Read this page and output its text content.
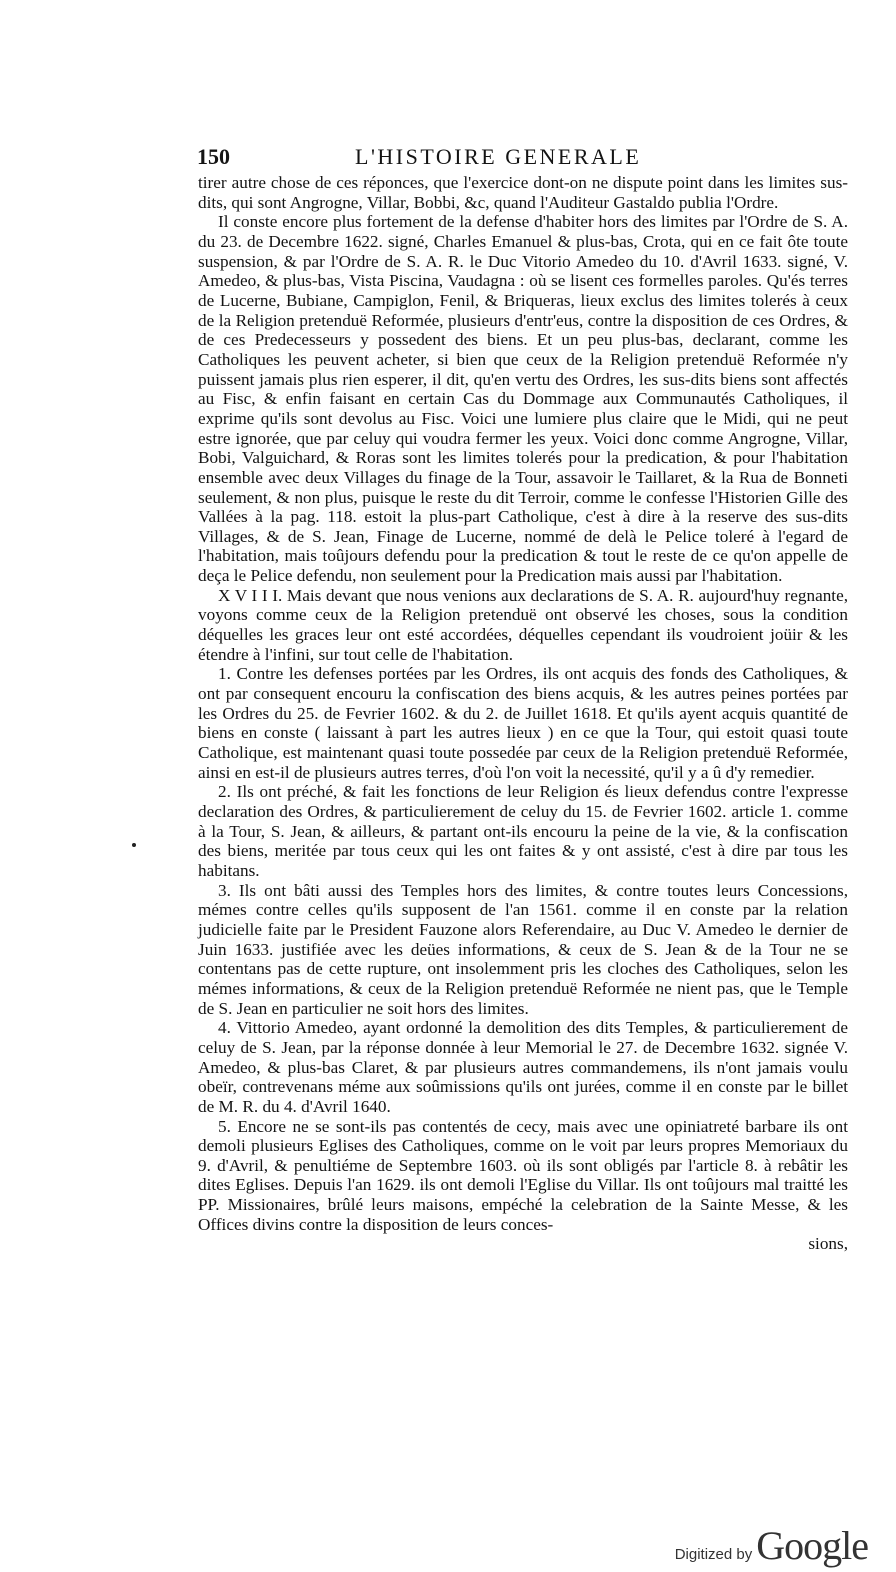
150	L'HISTOIRE GENERALE

tirer autre chose de ces réponces, que l'exercice dont-on ne dispute point dans les limites sus-dits, qui sont Angrogne, Villar, Bobbi, &c, quand l'Auditeur Gastaldo publia l'Ordre.

Il conste encore plus fortement de la defense d'habiter hors des limites par l'Ordre de S. A. du 23. de Decembre 1622. signé, Charles Emanuel & plus-bas, Crota, qui en ce fait ôte toute suspension, & par l'Ordre de S. A. R. le Duc Vitorio Amedeo du 10. d'Avril 1633. signé, V. Amedeo, & plus-bas, Vista Piscina, Vaudagna : où se lisent ces formelles paroles. Qu'és terres de Lucerne, Bubiane, Campiglon, Fenil, & Briqueras, lieux exclus des limites tolerés à ceux de la Religion pretenduë Reformée, plusieurs d'entr'eus, contre la disposition de ces Ordres, & de ces Predecesseurs y possedent des biens. Et un peu plus-bas, declarant, comme les Catholiques les peuvent acheter, si bien que ceux de la Religion pretenduë Reformée n'y puissent jamais plus rien esperer, il dit, qu'en vertu des Ordres, les sus-dits biens sont affectés au Fisc, & enfin faisant en certain Cas du Dommage aux Communautés Catholiques, il exprime qu'ils sont devolus au Fisc. Voici une lumiere plus claire que le Midi, qui ne peut estre ignorée, que par celuy qui voudra fermer les yeux. Voici donc comme Angrogne, Villar, Bobi, Valguichard, & Roras sont les limites tolerés pour la predication, & pour l'habitation ensemble avec deux Villages du finage de la Tour, assavoir le Taillaret, & la Rua de Bonneti seulement, & non plus, puisque le reste du dit Terroir, comme le confesse l'Historien Gille des Vallées à la pag. 118. estoit la plus-part Catholique, c'est à dire à la reserve des sus-dits Villages, & de S. Jean, Finage de Lucerne, nommé de delà le Pelice toleré à l'egard de l'habitation, mais toûjours defendu pour la predication & tout le reste de ce qu'on appelle de deça le Pelice defendu, non seulement pour la Predication mais aussi par l'habitation.

X V I I I. Mais devant que nous venions aux declarations de S. A. R. aujourd'huy regnante, voyons comme ceux de la Religion pretenduë ont observé les choses, sous la condition déquelles les graces leur ont esté accordées, déquelles cependant ils voudroient joüir & les étendre à l'infini, sur tout celle de l'habitation.

1. Contre les defenses portées par les Ordres, ils ont acquis des fonds des Catholiques, & ont par consequent encouru la confiscation des biens acquis, & les autres peines portées par les Ordres du 25. de Fevrier 1602. & du 2. de Juillet 1618. Et qu'ils ayent acquis quantité de biens en conste ( laissant à part les autres lieux ) en ce que la Tour, qui estoit quasi toute Catholique, est maintenant quasi toute possedée par ceux de la Religion pretenduë Reformée, ainsi en est-il de plusieurs autres terres, d'où l'on voit la necessité, qu'il y a û d'y remedier.

2. Ils ont préché, & fait les fonctions de leur Religion és lieux defendus contre l'expresse declaration des Ordres, & particulierement de celuy du 15. de Fevrier 1602. article 1. comme à la Tour, S. Jean, & ailleurs, & partant ont-ils encouru la peine de la vie, & la confiscation des biens, meritée par tous ceux qui les ont faites & y ont assisté, c'est à dire par tous les habitans.

3. Ils ont bâti aussi des Temples hors des limites, & contre toutes leurs Concessions, mémes contre celles qu'ils supposent de l'an 1561. comme il en conste par la relation judicielle faite par le President Fauzone alors Referendaire, au Duc V. Amedeo le dernier de Juin 1633. justifiée avec les deües informations, & ceux de S. Jean & de la Tour ne se contentans pas de cette rupture, ont insolemment pris les cloches des Catholiques, selon les mémes informations, & ceux de la Religion pretenduë Reformée ne nient pas, que le Temple de S. Jean en particulier ne soit hors des limites.

4. Vittorio Amedeo, ayant ordonné la demolition des dits Temples, & particulierement de celuy de S. Jean, par la réponse donnée à leur Memorial le 27. de Decembre 1632. signée V. Amedeo, & plus-bas Claret, & par plusieurs autres commandemens, ils n'ont jamais voulu obeïr, contrevenans méme aux soûmissions qu'ils ont jurées, comme il en conste par le billet de M. R. du 4. d'Avril 1640.

5. Encore ne se sont-ils pas contentés de cecy, mais avec une opiniatreté barbare ils ont demoli plusieurs Eglises des Catholiques, comme on le voit par leurs propres Memoriaux du 9. d'Avril, & penultiéme de Septembre 1603. où ils sont obligés par l'article 8. à rebâtir les dites Eglises. Depuis l'an 1629. ils ont demoli l'Eglise du Villar. Ils ont toûjours mal traitté les PP. Missionaires, brûlé leurs maisons, empéché la celebration de la Sainte Messe, & les Offices divins contre la disposition de leurs conces-

sions,

Digitized by Google
